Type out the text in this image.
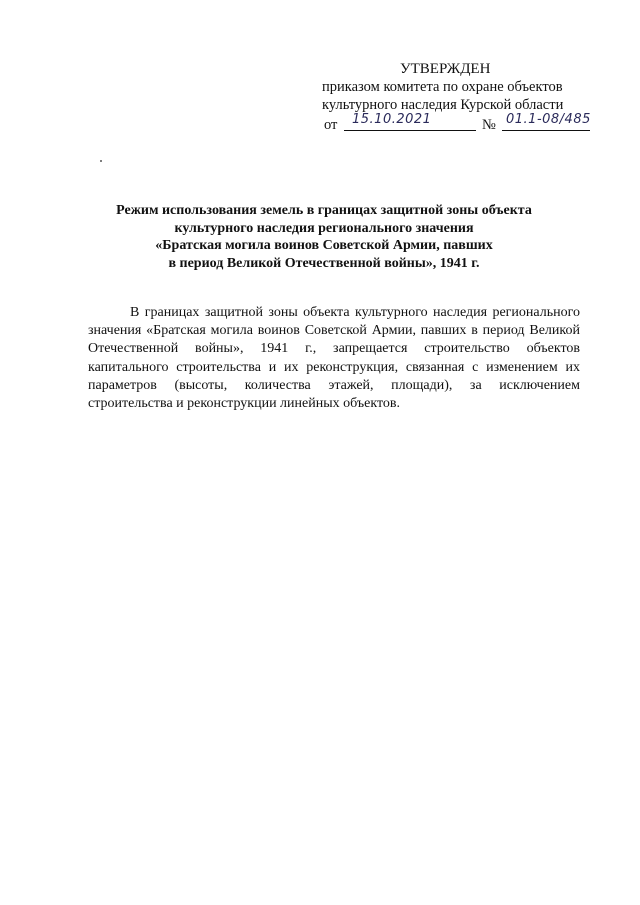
УТВЕРЖДЕН
приказом комитета по охране объектов
культурного наследия Курской области
от 15.10.2021	№ 01.1-08/485
Режим использования земель в границах защитной зоны объекта
культурного наследия регионального значения
«Братская могила воинов Советской Армии, павших
в период Великой Отечественной войны», 1941 г.
В границах защитной зоны объекта культурного наследия регионального значения «Братская могила воинов Советской Армии, павших в период Великой Отечественной войны», 1941 г., запрещается строительство объектов капитального строительства и их реконструкция, связанная с изменением их параметров (высоты, количества этажей, площади), за исключением строительства и реконструкции линейных объектов.
